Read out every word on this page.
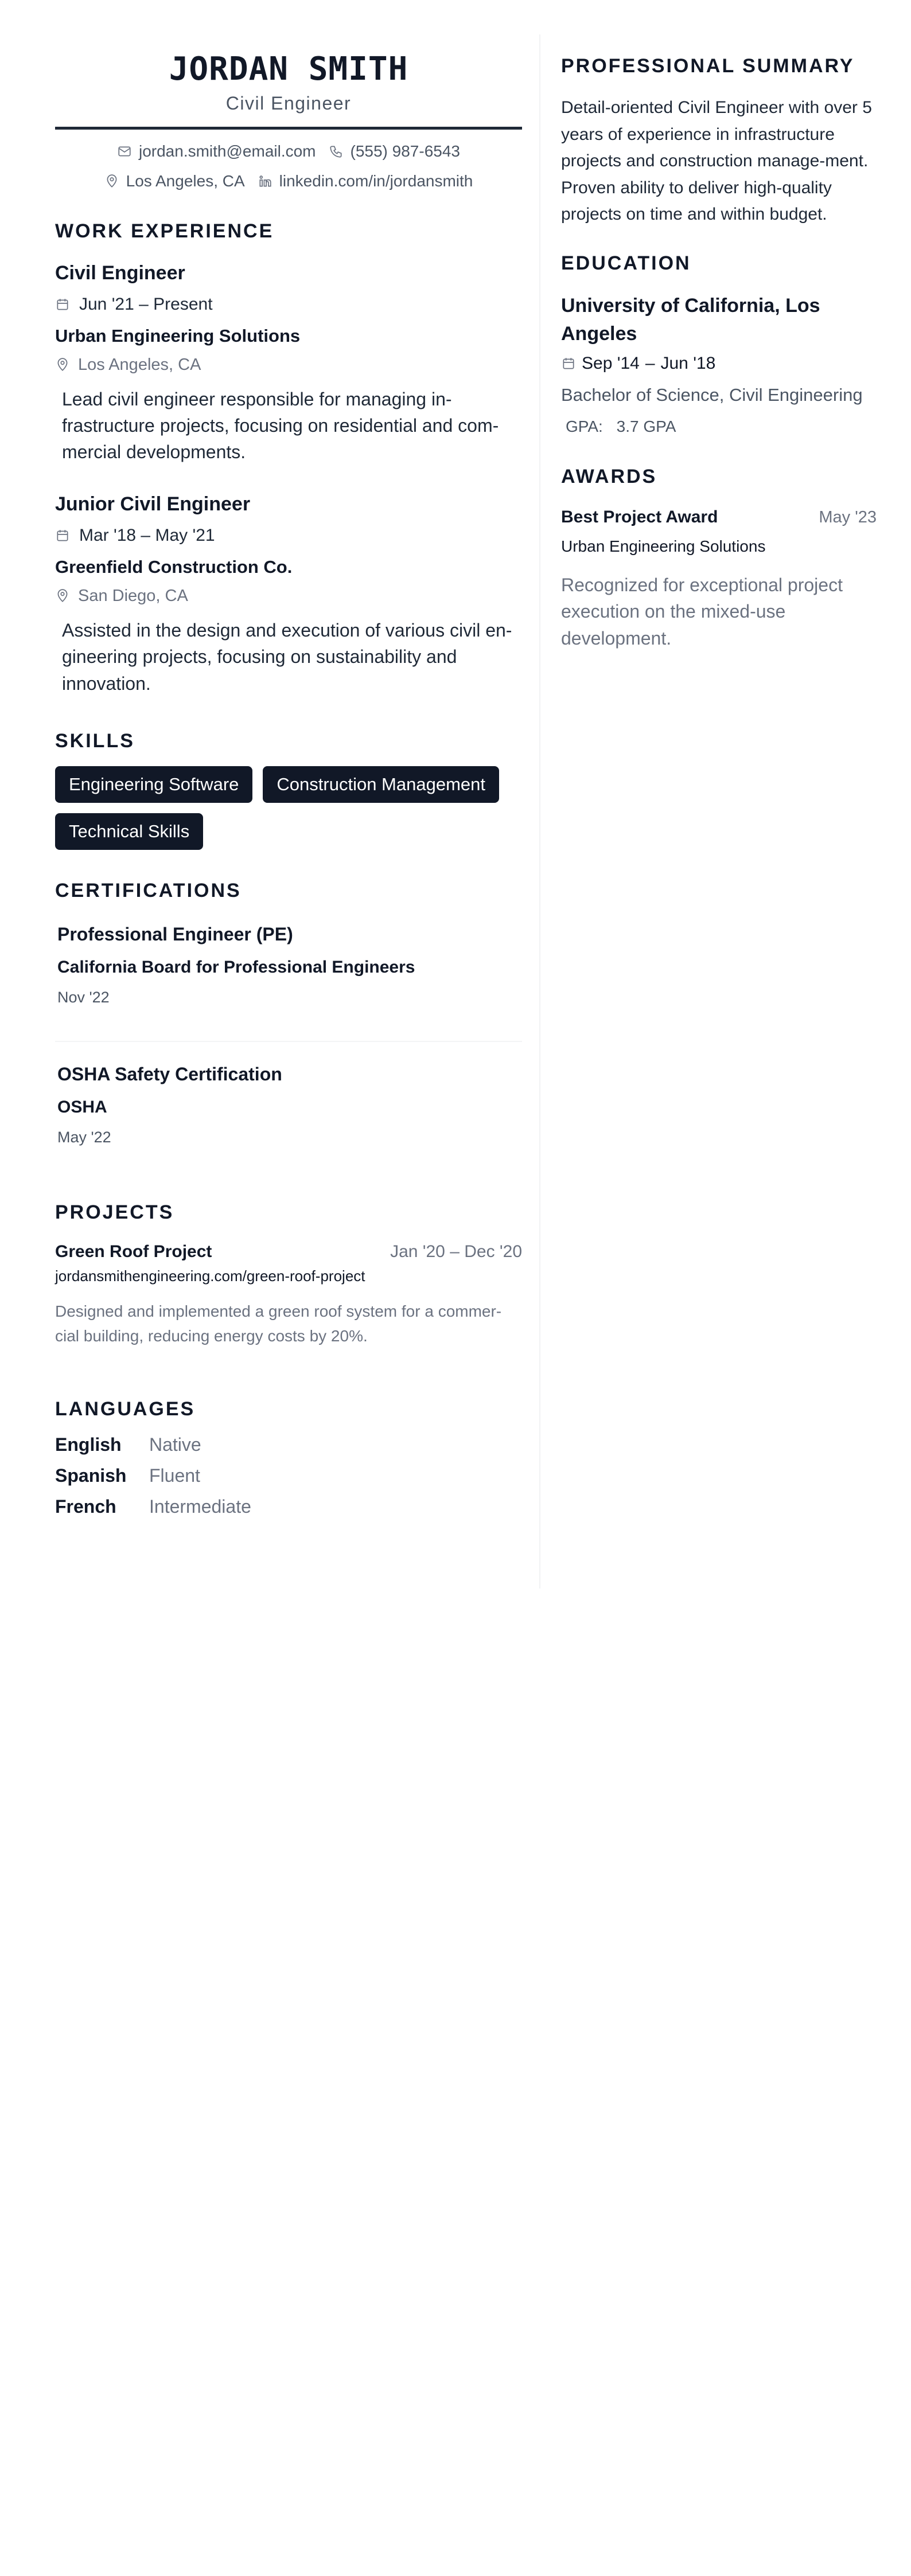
JORDAN SMITH
Civil Engineer
jordan.smith@email.com (555) 987-6543
Los Angeles, CA linkedin.com/in/jordansmith
WORK EXPERIENCE
Civil Engineer
Jun '21 – Present
Urban Engineering Solutions
Los Angeles, CA
Lead civil engineer responsible for managing in-frastructure projects, focusing on residential and com-mercial developments.
Junior Civil Engineer
Mar '18 – May '21
Greenfield Construction Co.
San Diego, CA
Assisted in the design and execution of various civil en-gineering projects, focusing on sustainability and innovation.
SKILLS
Engineering Software	Construction Management
Technical Skills
CERTIFICATIONS
Professional Engineer (PE)
California Board for Professional Engineers
Nov '22
OSHA Safety Certification
OSHA
May '22
PROJECTS
Green Roof Project	Jan '20 – Dec '20
jordansmithengineering.com/green-roof-project
Designed and implemented a green roof system for a commer-cial building, reducing energy costs by 20%.
LANGUAGES
English	Native
Spanish	Fluent
French	Intermediate
PROFESSIONAL SUMMARY
Detail-oriented Civil Engineer with over 5 years of experience in infrastructure projects and construction manage-ment. Proven ability to deliver high-quality projects on time and within budget.
EDUCATION
University of California, Los Angeles
Sep '14 – Jun '18
Bachelor of Science, Civil Engineering
GPA: 3.7 GPA
AWARDS
Best Project Award	May '23
Urban Engineering Solutions
Recognized for exceptional project execution on the mixed-use development.
